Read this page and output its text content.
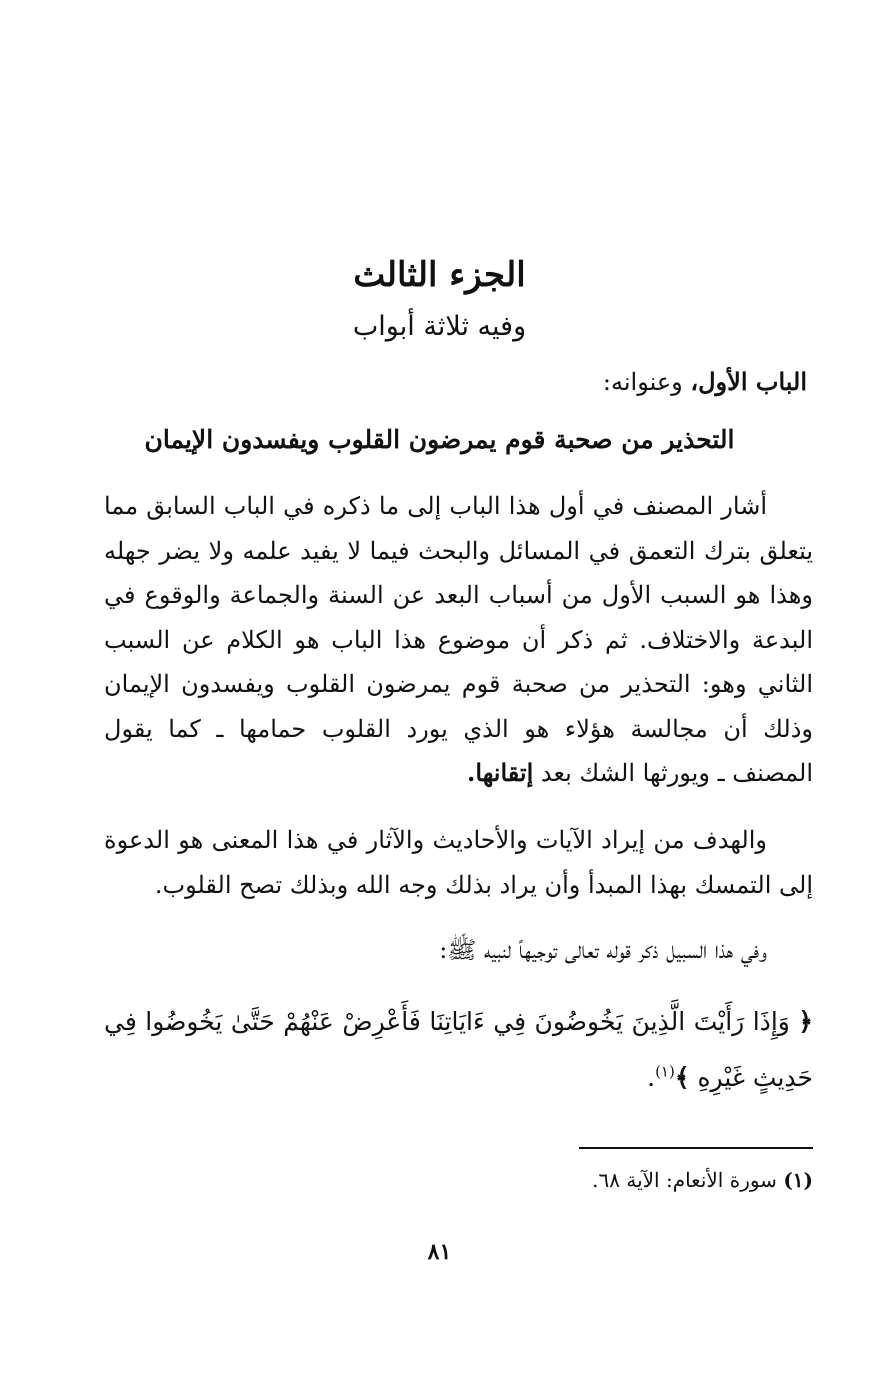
الجزء الثالث
وفيه ثلاثة أبواب
الباب الأول، وعنوانه:
التحذير من صحبة قوم يمرضون القلوب ويفسدون الإيمان
أشار المصنف في أول هذا الباب إلى ما ذكره في الباب السابق مما يتعلق بترك التعمق في المسائل والبحث فيما لا يفيد علمه ولا يضر جهله وهذا هو السبب الأول من أسباب البعد عن السنة والجماعة والوقوع في البدعة والاختلاف. ثم ذكر أن موضوع هذا الباب هو الكلام عن السبب الثاني وهو: التحذير من صحبة قوم يمرضون القلوب ويفسدون الإيمان وذلك أن مجالسة هؤلاء هو الذي يورد القلوب حمامها ـ كما يقول المصنف ـ ويورثها الشك بعد إتقانها.
والهدف من إيراد الآيات والأحاديث والآثار في هذا المعنى هو الدعوة إلى التمسك بهذا المبدأ وأن يراد بذلك وجه الله وبذلك تصح القلوب.
وفي هذا السبيل ذكر قوله تعالى توجيهاً لنبيه ﷺ:
﴿ وَإِذَا رَأَيْتَ الَّذِينَ يَخُوضُونَ فِي ءَايَاتِنَا فَأَعْرِضْ عَنْهُمْ حَتَّىٰ يَخُوضُوا فِي حَدِيثٍ غَيْرِهِ ﴾$^{(١)}$.
(١) سورة الأنعام: الآية ٦٨.
٨١
